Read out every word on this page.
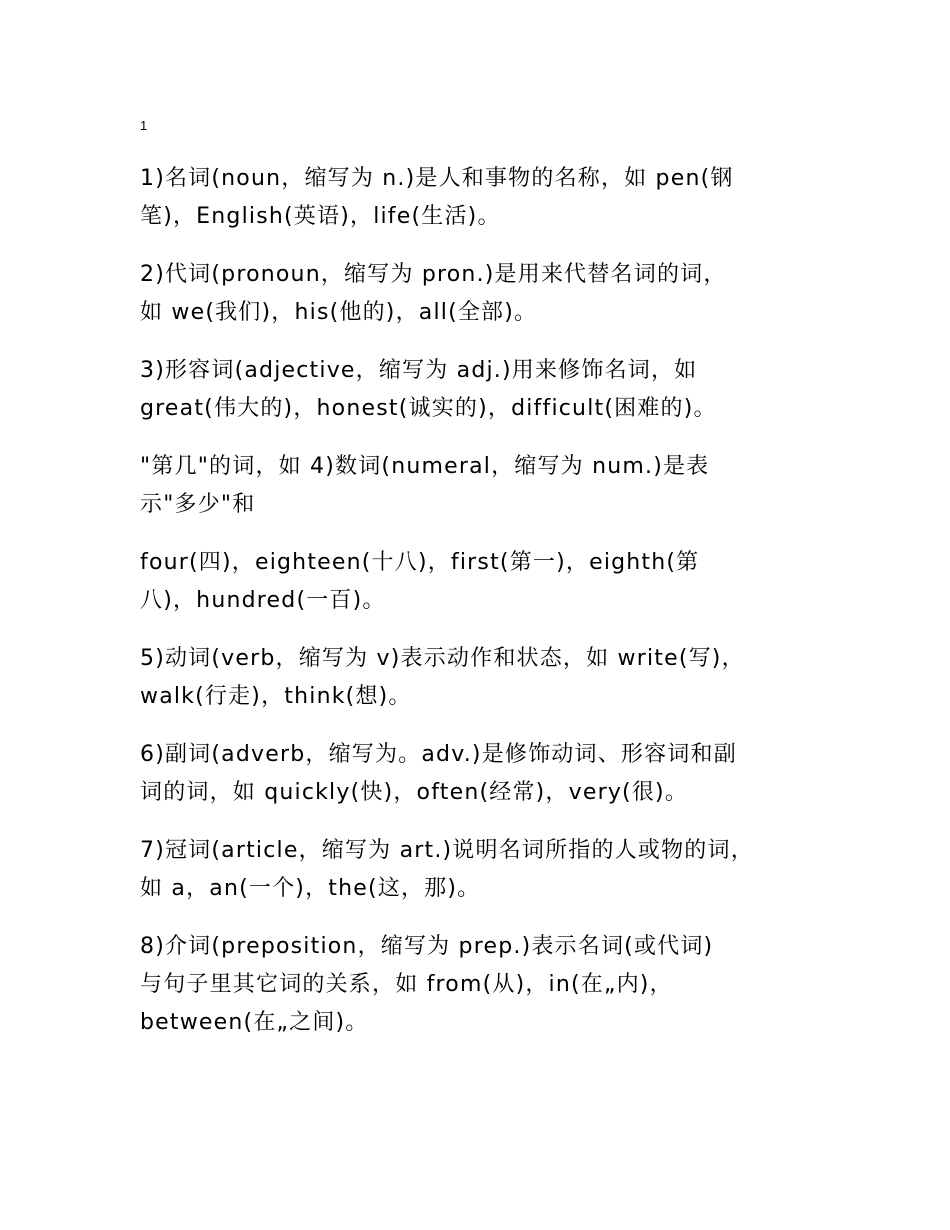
1

1)名词(noun，缩写为 n.)是人和事物的名称，如 pen(钢
笔)，English(英语)，life(生活)。

2)代词(pronoun，缩写为 pron.)是用来代替名词的词，
如 we(我们)，his(他的)，all(全部)。

3)形容词(adjective，缩写为 adj.)用来修饰名词，如
great(伟大的)，honest(诚实的)，difficult(困难的)。

"第几"的词，如 4)数词(numeral，缩写为 num.)是表
示"多少"和

four(四)，eighteen(十八)，first(第一)，eighth(第
八)，hundred(一百)。

5)动词(verb，缩写为 v)表示动作和状态，如 write(写)，
walk(行走)，think(想)。

6)副词(adverb，缩写为。adv.)是修饰动词、形容词和副
词的词，如 quickly(快)，often(经常)，very(很)。

7)冠词(article，缩写为 art.)说明名词所指的人或物的词，
如 a，an(一个)，the(这，那)。

8)介词(preposition，缩写为 prep.)表示名词(或代词)
与句子里其它词的关系，如 from(从)，in(在„内)，
between(在„之间)。
